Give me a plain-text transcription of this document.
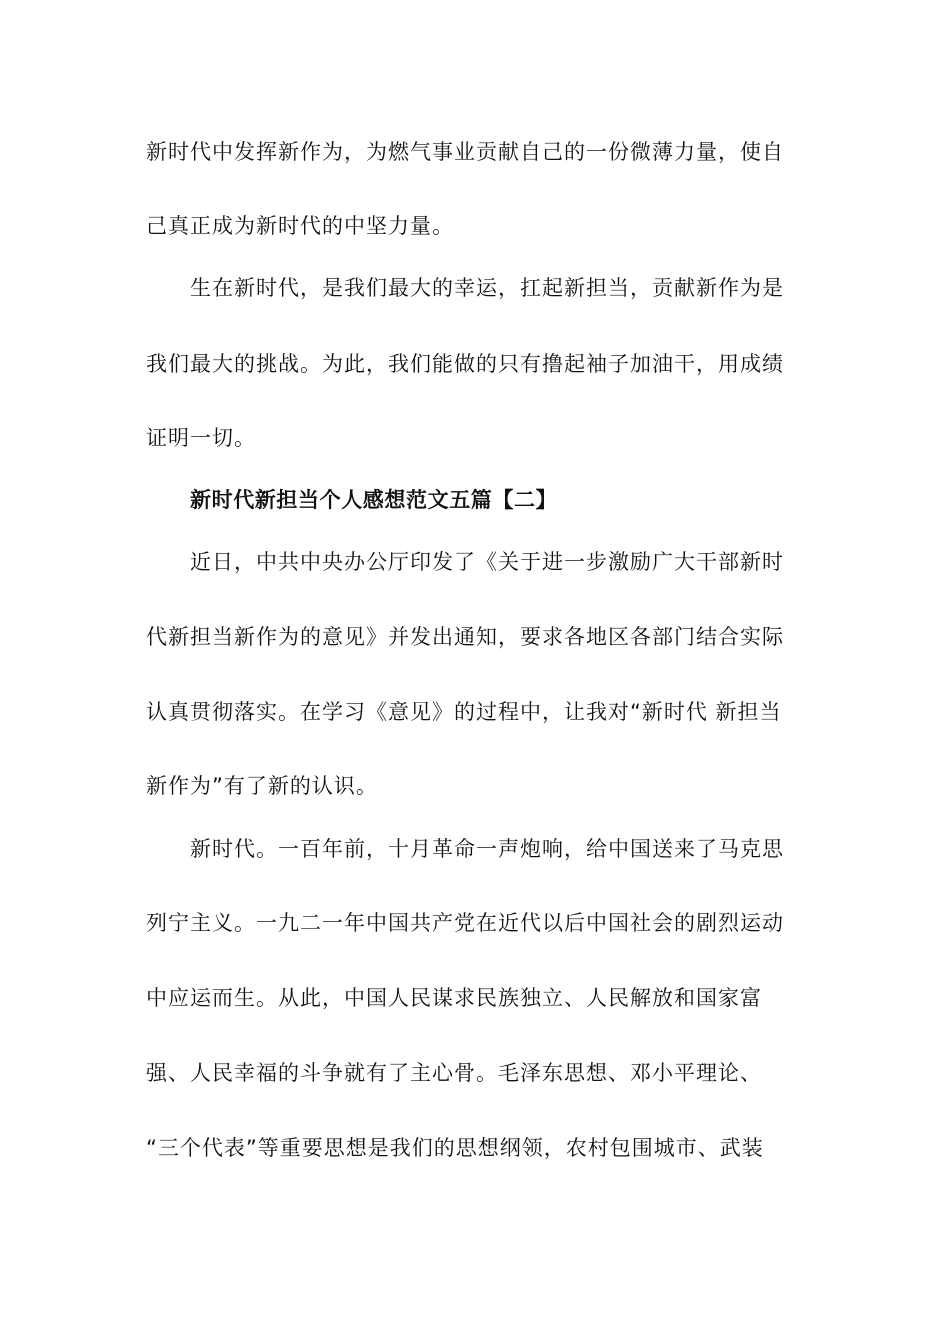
新时代中发挥新作为，为燃气事业贡献自己的一份微薄力量，使自
己真正成为新时代的中坚力量。
生在新时代，是我们最大的幸运，扛起新担当，贡献新作为是
我们最大的挑战。为此，我们能做的只有撸起袖子加油干，用成绩
证明一切。
新时代新担当个人感想范文五篇【二】
近日，中共中央办公厅印发了《关于进一步激励广大干部新时
代新担当新作为的意见》并发出通知，要求各地区各部门结合实际
认真贯彻落实。在学习《意见》的过程中，让我对“新时代 新担当
新作为”有了新的认识。
新时代。一百年前，十月革命一声炮响，给中国送来了马克思
列宁主义。一九二一年中国共产党在近代以后中国社会的剧烈运动
中应运而生。从此，中国人民谋求民族独立、人民解放和国家富
强、人民幸福的斗争就有了主心骨。毛泽东思想、邓小平理论、
“三个代表”等重要思想是我们的思想纲领，农村包围城市、武装
